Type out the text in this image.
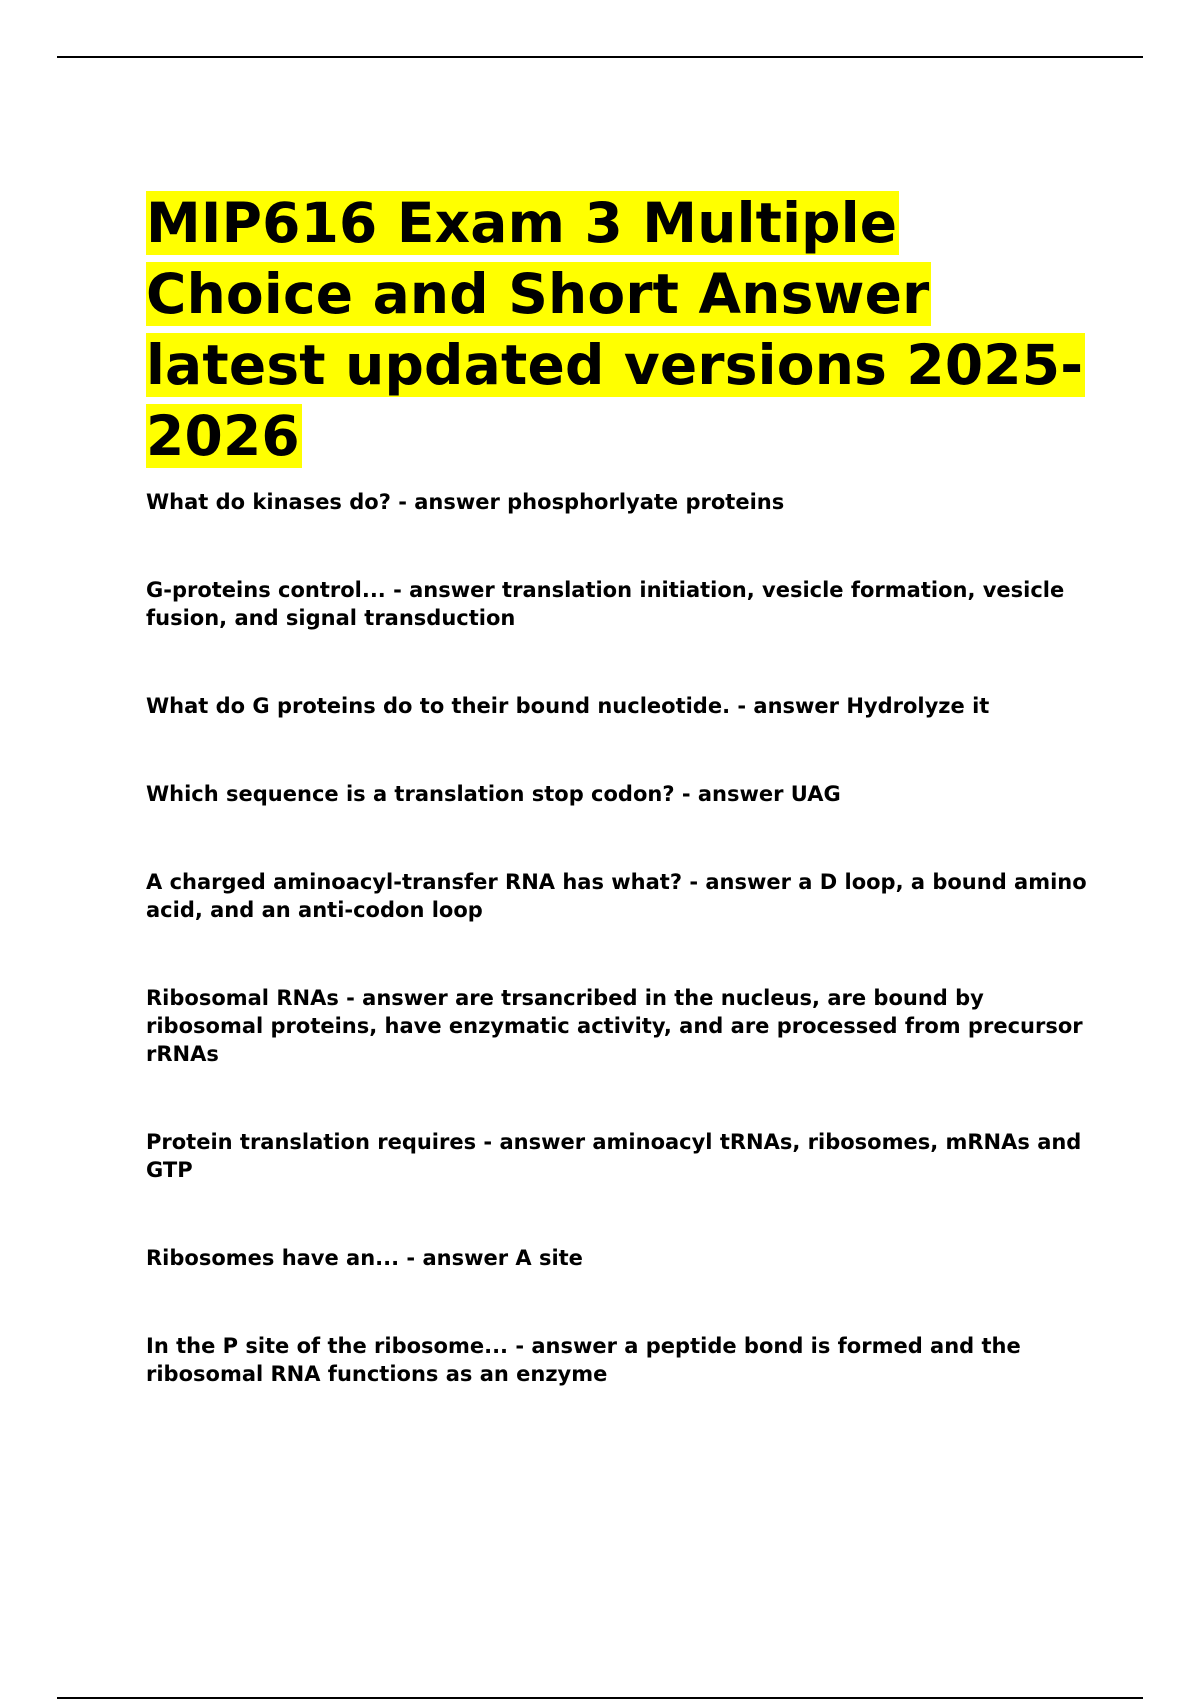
MIP616 Exam 3 Multiple Choice and Short Answer latest updated versions 2025-2026
What do kinases do? - answer phosphorlyate proteins
G-proteins control... - answer translation initiation, vesicle formation, vesicle fusion, and signal transduction
What do G proteins do to their bound nucleotide. - answer Hydrolyze it
Which sequence is a translation stop codon? - answer UAG
A charged aminoacyl-transfer RNA has what? - answer a D loop, a bound amino acid, and an anti-codon loop
Ribosomal RNAs - answer are trsancribed in the nucleus, are bound by ribosomal proteins, have enzymatic activity, and are processed from precursor rRNAs
Protein translation requires - answer aminoacyl tRNAs, ribosomes, mRNAs and GTP
Ribosomes have an... - answer A site
In the P site of the ribosome... - answer a peptide bond is formed and the ribosomal RNA functions as an enzyme
